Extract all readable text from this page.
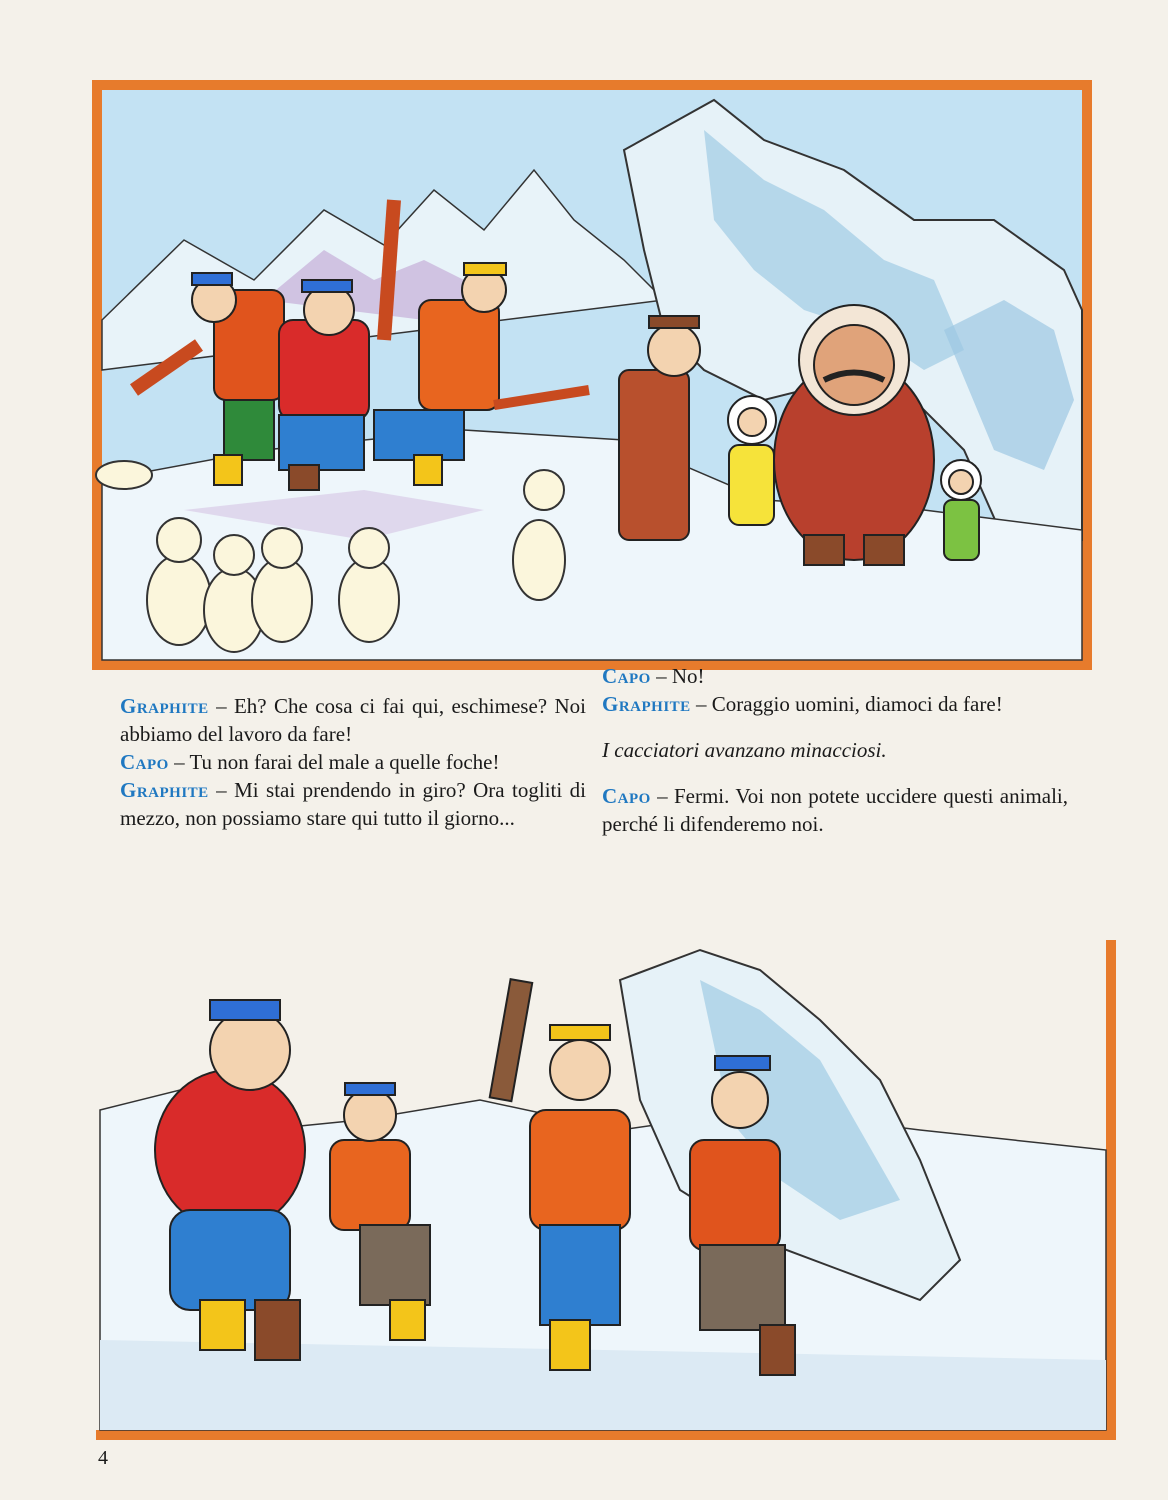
Graphite – Eh? Che cosa ci fai qui, eschimese? Noi abbiamo del lavoro da fare!

Capo – Tu non farai del male a quelle foche!

Graphite – Mi stai prendendo in giro? Ora togliti di mezzo, non possiamo stare qui tutto il giorno...

Capo – No!

Graphite – Coraggio uomini, diamoci da fare!

I cacciatori avanzano minacciosi.

Capo – Fermi. Voi non potete uccidere questi animali, perché li difenderemo noi.

4
